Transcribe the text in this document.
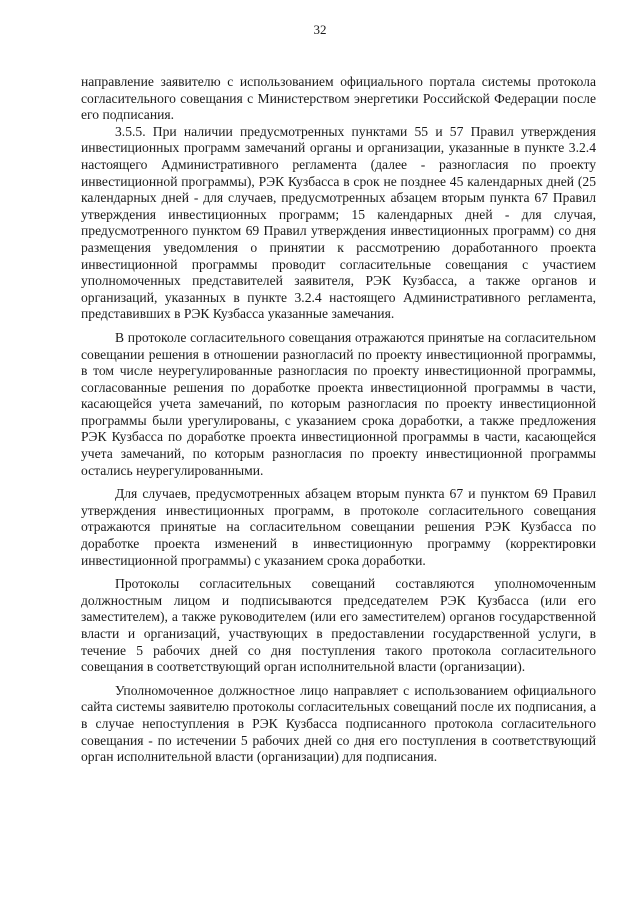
32

направление заявителю с использованием официального портала системы протокола согласительного совещания с Министерством энергетики Российской Федерации после его подписания.

3.5.5. При наличии предусмотренных пунктами 55 и 57 Правил утверждения инвестиционных программ замечаний органы и организации, указанные в пункте 3.2.4 настоящего Административного регламента (далее - разногласия по проекту инвестиционной программы), РЭК Кузбасса в срок не позднее 45 календарных дней (25 календарных дней - для случаев, предусмотренных абзацем вторым пункта 67 Правил утверждения инвестиционных программ; 15 календарных дней - для случая, предусмотренного пунктом 69 Правил утверждения инвестиционных программ) со дня размещения уведомления о принятии к рассмотрению доработанного проекта инвестиционной программы проводит согласительные совещания с участием уполномоченных представителей заявителя, РЭК Кузбасса, а также органов и организаций, указанных в пункте 3.2.4 настоящего Административного регламента, представивших в РЭК Кузбасса указанные замечания.

В протоколе согласительного совещания отражаются принятые на согласительном совещании решения в отношении разногласий по проекту инвестиционной программы, в том числе неурегулированные разногласия по проекту инвестиционной программы, согласованные решения по доработке проекта инвестиционной программы в части, касающейся учета замечаний, по которым разногласия по проекту инвестиционной программы были урегулированы, с указанием срока доработки, а также предложения РЭК Кузбасса по доработке проекта инвестиционной программы в части, касающейся учета замечаний, по которым разногласия по проекту инвестиционной программы остались неурегулированными.

Для случаев, предусмотренных абзацем вторым пункта 67 и пунктом 69 Правил утверждения инвестиционных программ, в протоколе согласительного совещания отражаются принятые на согласительном совещании решения РЭК Кузбасса по доработке проекта изменений в инвестиционную программу (корректировки инвестиционной программы) с указанием срока доработки.

Протоколы согласительных совещаний составляются уполномоченным должностным лицом и подписываются председателем РЭК Кузбасса (или его заместителем), а также руководителем (или его заместителем) органов государственной власти и организаций, участвующих в предоставлении государственной услуги, в течение 5 рабочих дней со дня поступления такого протокола согласительного совещания в соответствующий орган исполнительной власти (организации).

Уполномоченное должностное лицо направляет с использованием официального сайта системы заявителю протоколы согласительных совещаний после их подписания, а в случае непоступления в РЭК Кузбасса подписанного протокола согласительного совещания - по истечении 5 рабочих дней со дня его поступления в соответствующий орган исполнительной власти (организации) для подписания.
